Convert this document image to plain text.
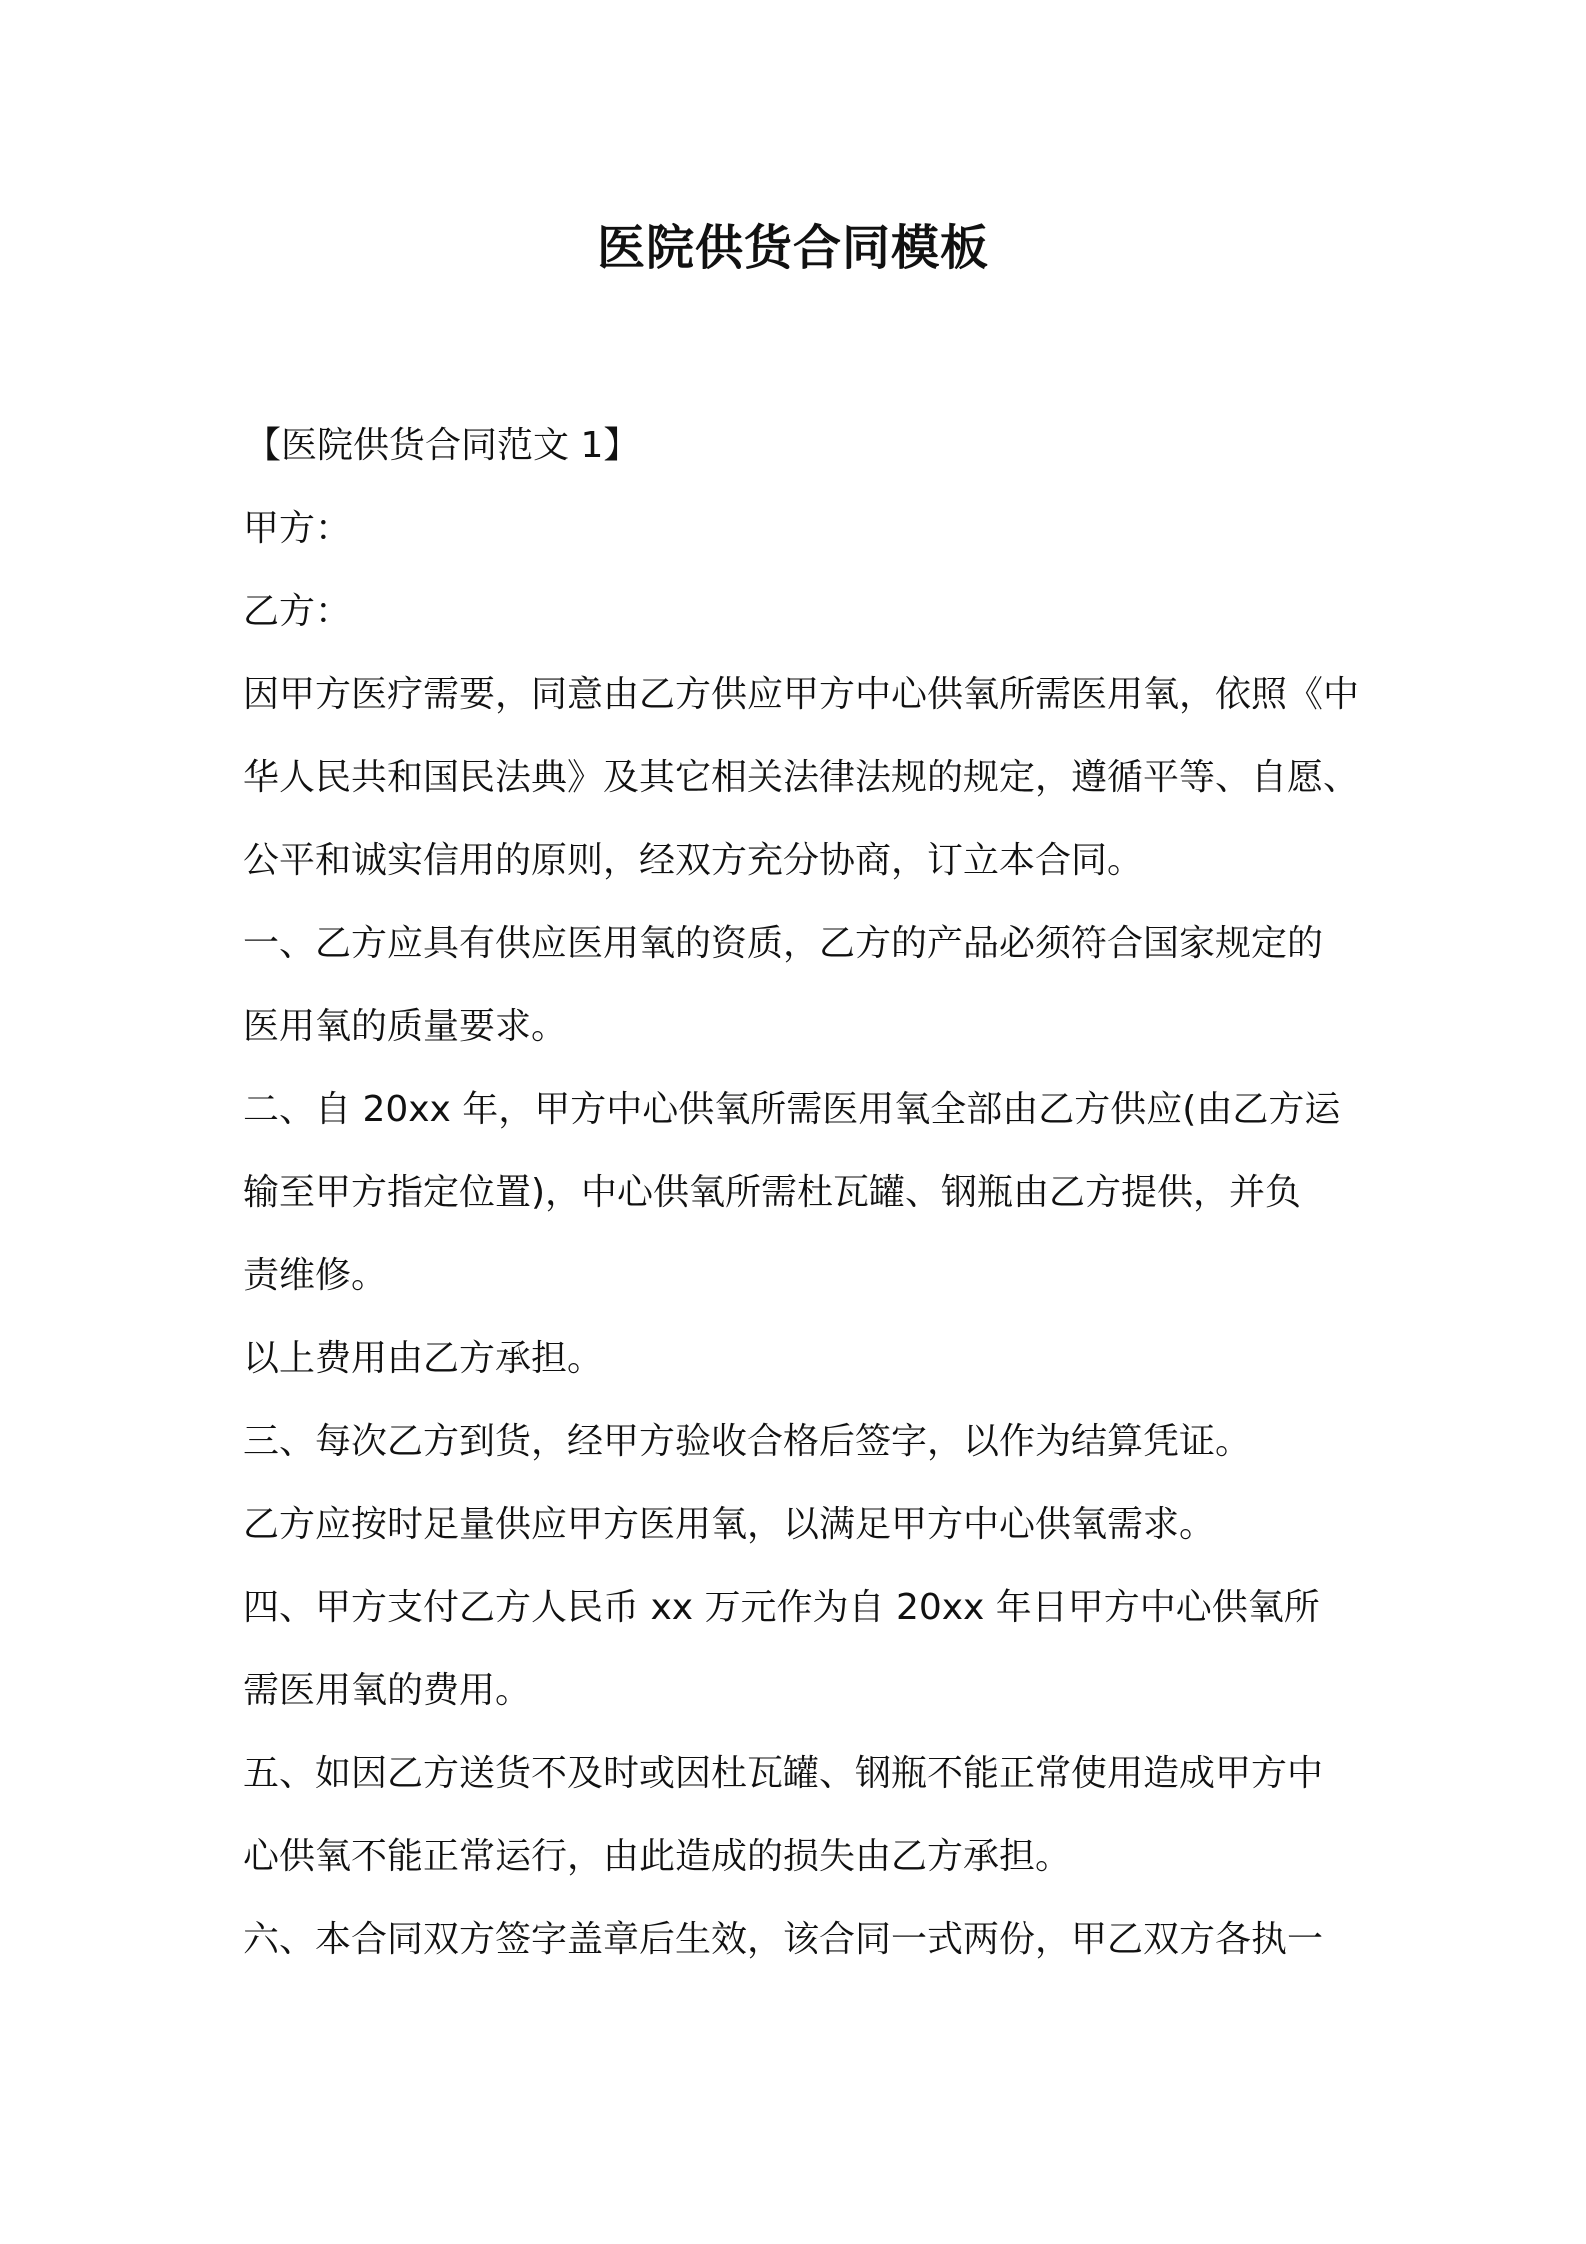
医院供货合同模板
【医院供货合同范文 1】
甲方：
乙方：
因甲方医疗需要，同意由乙方供应甲方中心供氧所需医用氧，依照《中
华人民共和国民法典》及其它相关法律法规的规定，遵循平等、自愿、
公平和诚实信用的原则，经双方充分协商，订立本合同。
一、乙方应具有供应医用氧的资质，乙方的产品必须符合国家规定的
医用氧的质量要求。
二、自 20xx 年，甲方中心供氧所需医用氧全部由乙方供应(由乙方运
输至甲方指定位置)，中心供氧所需杜瓦罐、钢瓶由乙方提供，并负
责维修。
以上费用由乙方承担。
三、每次乙方到货，经甲方验收合格后签字，以作为结算凭证。
乙方应按时足量供应甲方医用氧，以满足甲方中心供氧需求。
四、甲方支付乙方人民币 xx 万元作为自 20xx 年日甲方中心供氧所
需医用氧的费用。
五、如因乙方送货不及时或因杜瓦罐、钢瓶不能正常使用造成甲方中
心供氧不能正常运行，由此造成的损失由乙方承担。
六、本合同双方签字盖章后生效，该合同一式两份，甲乙双方各执一
